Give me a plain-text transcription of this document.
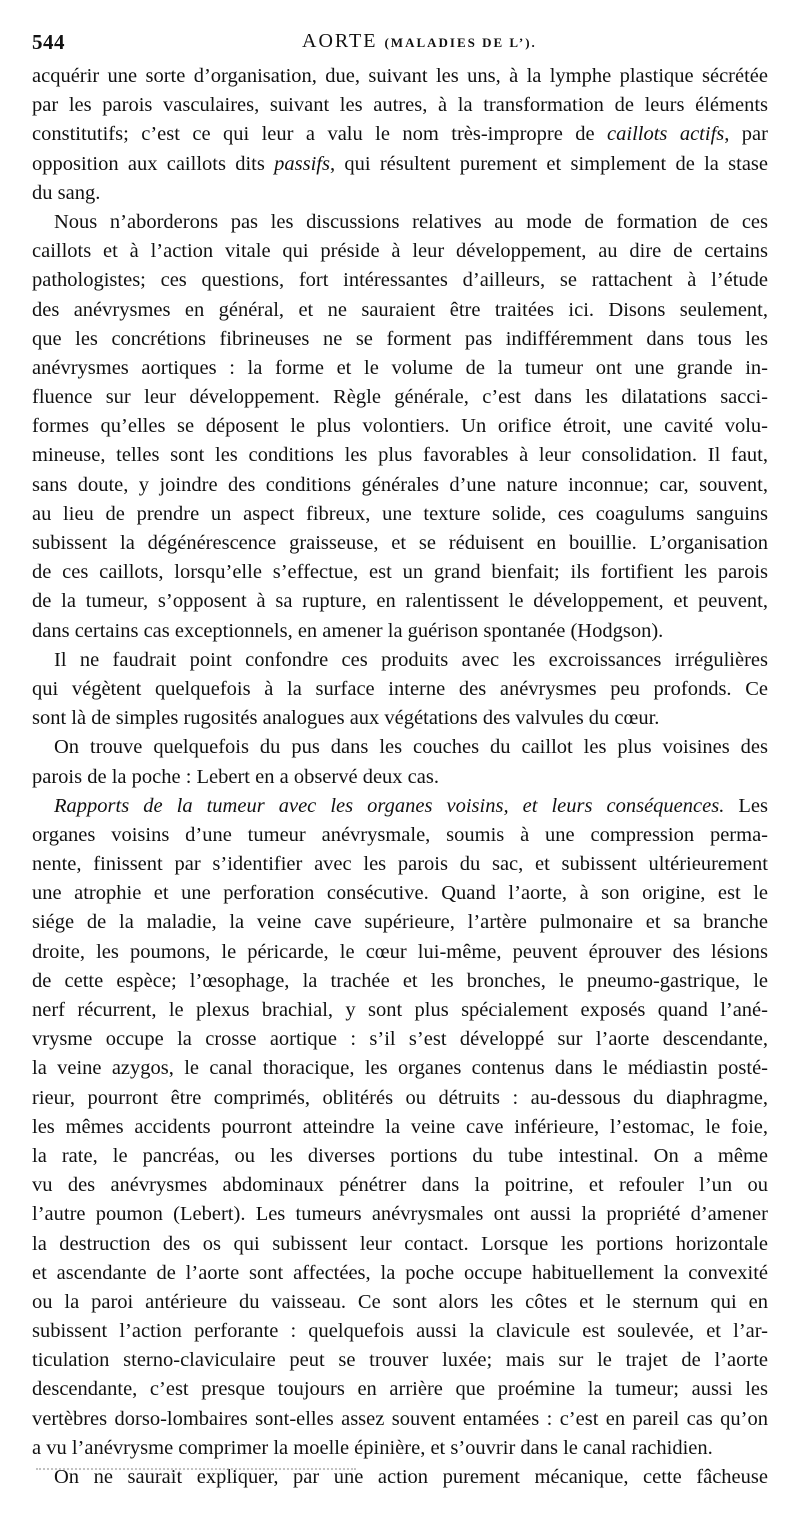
544	AORTE (MALADIES DE L’).
acquérir une sorte d’organisation, due, suivant les uns, à la lymphe plastique sécrétée
par les parois vasculaires, suivant les autres, à la transformation de leurs éléments
constitutifs; c’est ce qui leur a valu le nom très-impropre de caillots actifs, par
opposition aux caillots dits passifs, qui résultent purement et simplement de la stase
du sang.
Nous n’aborderons pas les discussions relatives au mode de formation de ces
caillots et à l’action vitale qui préside à leur développement, au dire de certains
pathologistes; ces questions, fort intéressantes d’ailleurs, se rattachent à l’étude
des anévrysmes en général, et ne sauraient être traitées ici. Disons seulement,
que les concrétions fibrineuses ne se forment pas indifféremment dans tous les
anévrysmes aortiques : la forme et le volume de la tumeur ont une grande in-
fluence sur leur développement. Règle générale, c’est dans les dilatations sacci-
formes qu’elles se déposent le plus volontiers. Un orifice étroit, une cavité volu-
mineuse, telles sont les conditions les plus favorables à leur consolidation. Il faut,
sans doute, y joindre des conditions générales d’une nature inconnue; car, souvent,
au lieu de prendre un aspect fibreux, une texture solide, ces coagulums sanguins
subissent la dégénérescence graisseuse, et se réduisent en bouillie. L’organisation
de ces caillots, lorsqu’elle s’effectue, est un grand bienfait; ils fortifient les parois
de la tumeur, s’opposent à sa rupture, en ralentissent le développement, et peuvent,
dans certains cas exceptionnels, en amener la guérison spontanée (Hodgson).
Il ne faudrait point confondre ces produits avec les excroissances irrégulières
qui végètent quelquefois à la surface interne des anévrysmes peu profonds. Ce
sont là de simples rugosités analogues aux végétations des valvules du cœur.
On trouve quelquefois du pus dans les couches du caillot les plus voisines des
parois de la poche : Lebert en a observé deux cas.
Rapports de la tumeur avec les organes voisins, et leurs conséquences. Les
organes voisins d’une tumeur anévrysmale, soumis à une compression perma-
nente, finissent par s’identifier avec les parois du sac, et subissent ultérieurement
une atrophie et une perforation consécutive. Quand l’aorte, à son origine, est le
siége de la maladie, la veine cave supérieure, l’artère pulmonaire et sa branche
droite, les poumons, le péricarde, le cœur lui-même, peuvent éprouver des lésions
de cette espèce; l’œsophage, la trachée et les bronches, le pneumo-gastrique, le
nerf récurrent, le plexus brachial, y sont plus spécialement exposés quand l’ané-
vrysme occupe la crosse aortique : s’il s’est développé sur l’aorte descendante,
la veine azygos, le canal thoracique, les organes contenus dans le médiastin posté-
rieur, pourront être comprimés, oblitérés ou détruits : au-dessous du diaphragme,
les mêmes accidents pourront atteindre la veine cave inférieure, l’estomac, le foie,
la rate, le pancréas, ou les diverses portions du tube intestinal. On a même
vu des anévrysmes abdominaux pénétrer dans la poitrine, et refouler l’un ou
l’autre poumon (Lebert). Les tumeurs anévrysmales ont aussi la propriété d’amener
la destruction des os qui subissent leur contact. Lorsque les portions horizontale
et ascendante de l’aorte sont affectées, la poche occupe habituellement la convexité
ou la paroi antérieure du vaisseau. Ce sont alors les côtes et le sternum qui en
subissent l’action perforante : quelquefois aussi la clavicule est soulevée, et l’ar-
ticulation sterno-claviculaire peut se trouver luxée; mais sur le trajet de l’aorte
descendante, c’est presque toujours en arrière que proémine la tumeur; aussi les
vertèbres dorso-lombaires sont-elles assez souvent entamées : c’est en pareil cas qu’on
a vu l’anévrysme comprimer la moelle épinière, et s’ouvrir dans le canal rachidien.
On ne saurait expliquer, par une action purement mécanique, cette fâcheuse
